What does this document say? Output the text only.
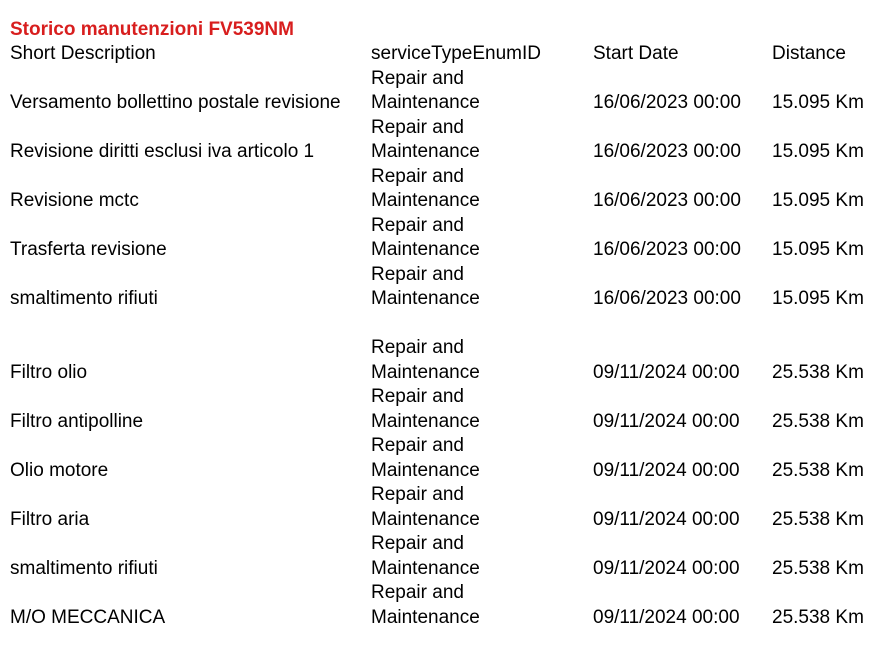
Storico manutenzioni FV539NM
Short Description	serviceTypeEnumID	Start Date	Distance
Versamento bollettino postale revisione
Repair and
Maintenance	16/06/2023 00:00 15.095 Km
Revisione diritti esclusi iva articolo 1
Repair and
Maintenance	16/06/2023 00:00 15.095 Km
Revisione mctc
Repair and
Maintenance	16/06/2023 00:00 15.095 Km
Trasferta revisione
Repair and
Maintenance	16/06/2023 00:00 15.095 Km
smaltimento rifiuti
Repair and
Maintenance	16/06/2023 00:00 15.095 Km
Filtro olio
Repair and
Maintenance	09/11/2024 00:00 25.538 Km
Filtro antipolline
Repair and
Maintenance	09/11/2024 00:00 25.538 Km
Olio motore
Repair and
Maintenance	09/11/2024 00:00 25.538 Km
Filtro aria
Repair and
Maintenance	09/11/2024 00:00 25.538 Km
smaltimento rifiuti
Repair and
Maintenance	09/11/2024 00:00 25.538 Km
M/O MECCANICA
Repair and
Maintenance	09/11/2024 00:00 25.538 Km
